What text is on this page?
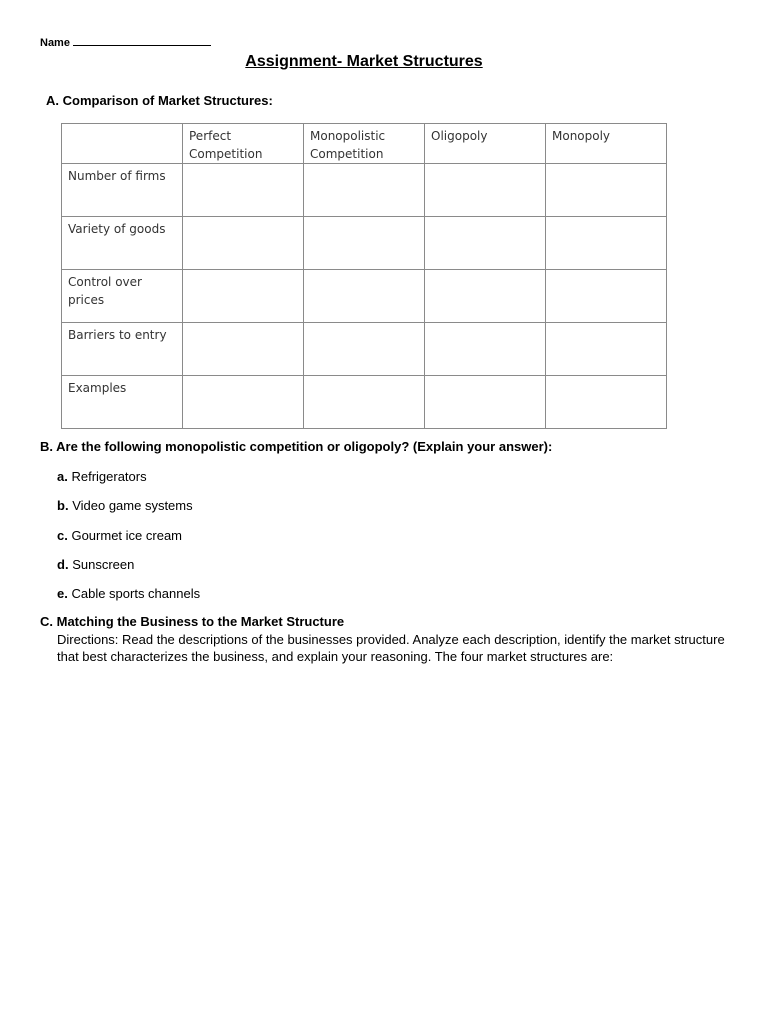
Name
Assignment- Market Structures
A. Comparison of Market Structures:
	Perfect Competition	Monopolistic Competition	Oligopoly	Monopoly
Number of firms				
Variety of goods				
Control over prices				
Barriers to entry				
Examples				
B. Are the following monopolistic competition or oligopoly? (Explain your answer):
a. Refrigerators
b. Video game systems
c. Gourmet ice cream
d. Sunscreen
e. Cable sports channels
C. Matching the Business to the Market Structure

Directions: Read the descriptions of the businesses provided. Analyze each description, identify the market structure that best characterizes the business, and explain your reasoning. The four market structures are:
